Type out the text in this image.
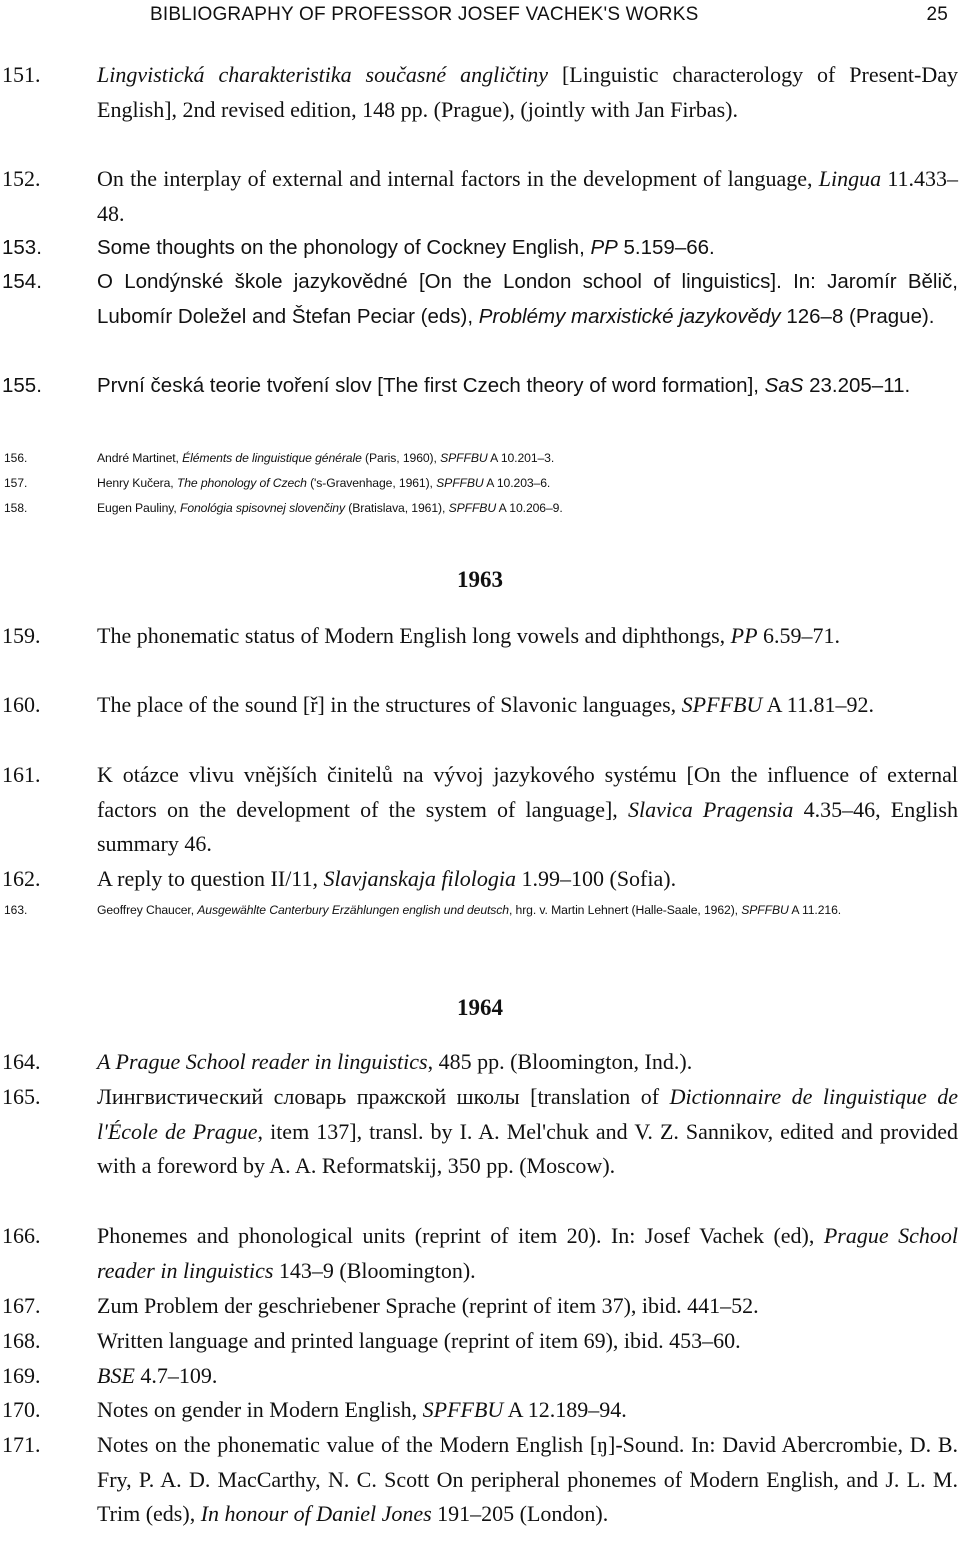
BIBLIOGRAPHY OF PROFESSOR JOSEF VACHEK'S WORKS	25
151.	Lingvistická charakteristika současné angličtiny [Linguistic characterology of Present-Day English], 2nd revised edition, 148 pp. (Prague), (jointly with Jan Firbas).
152.	On the interplay of external and internal factors in the development of language, Lingua 11.433–48.
153.	Some thoughts on the phonology of Cockney English, PP 5.159–66.
154.	O Londýnské škole jazykovědné [On the London school of linguistics]. In: Jaromír Bělič, Lubomír Doležel and Štefan Peciar (eds), Problémy marxistické jazykovědy 126–8 (Prague).
155.	První česká teorie tvoření slov [The first Czech theory of word formation], SaS 23.205–11.
156.	André Martinet, Éléments de linguistique générale (Paris, 1960), SPFFBU A 10.201–3.
157.	Henry Kučera, The phonology of Czech ('s-Gravenhage, 1961), SPFFBU A 10.203–6.
158.	Eugen Pauliny, Fonológia spisovnej slovenčiny (Bratislava, 1961), SPFFBU A 10.206–9.
1963
159.	The phonematic status of Modern English long vowels and diphthongs, PP 6.59–71.
160.	The place of the sound [ř] in the structures of Slavonic languages, SPFFBU A 11.81–92.
161.	K otázce vlivu vnějších činitelů na vývoj jazykového systému [On the influence of external factors on the development of the system of language], Slavica Pragensia 4.35–46, English summary 46.
162.	A reply to question II/11, Slavjanskaja filologia 1.99–100 (Sofia).
163.	Geoffrey Chaucer, Ausgewählte Canterbury Erzählungen english und deutsch, hrg. v. Martin Lehnert (Halle-Saale, 1962), SPFFBU A 11.216.
1964
164.	A Prague School reader in linguistics, 485 pp. (Bloomington, Ind.).
165.	Лингвистический словарь пражской школы [translation of Dictionnaire de linguistique de l'École de Prague, item 137], transl. by I. A. Mel'chuk and V. Z. Sannikov, edited and provided with a foreword by A. A. Reformatskij, 350 pp. (Moscow).
166.	Phonemes and phonological units (reprint of item 20). In: Josef Vachek (ed), Prague School reader in linguistics 143–9 (Bloomington).
167.	Zum Problem der geschriebener Sprache (reprint of item 37), ibid. 441–52.
168.	Written language and printed language (reprint of item 69), ibid. 453–60.
169.	BSE 4.7–109.
170.	Notes on gender in Modern English, SPFFBU A 12.189–94.
171.	Notes on the phonematic value of the Modern English [ŋ]-Sound. In: David Abercrombie, D. B. Fry, P. A. D. MacCarthy, N. C. Scott On peripheral phonemes of Modern English, and J. L. M. Trim (eds), In honour of Daniel Jones 191–205 (London).
